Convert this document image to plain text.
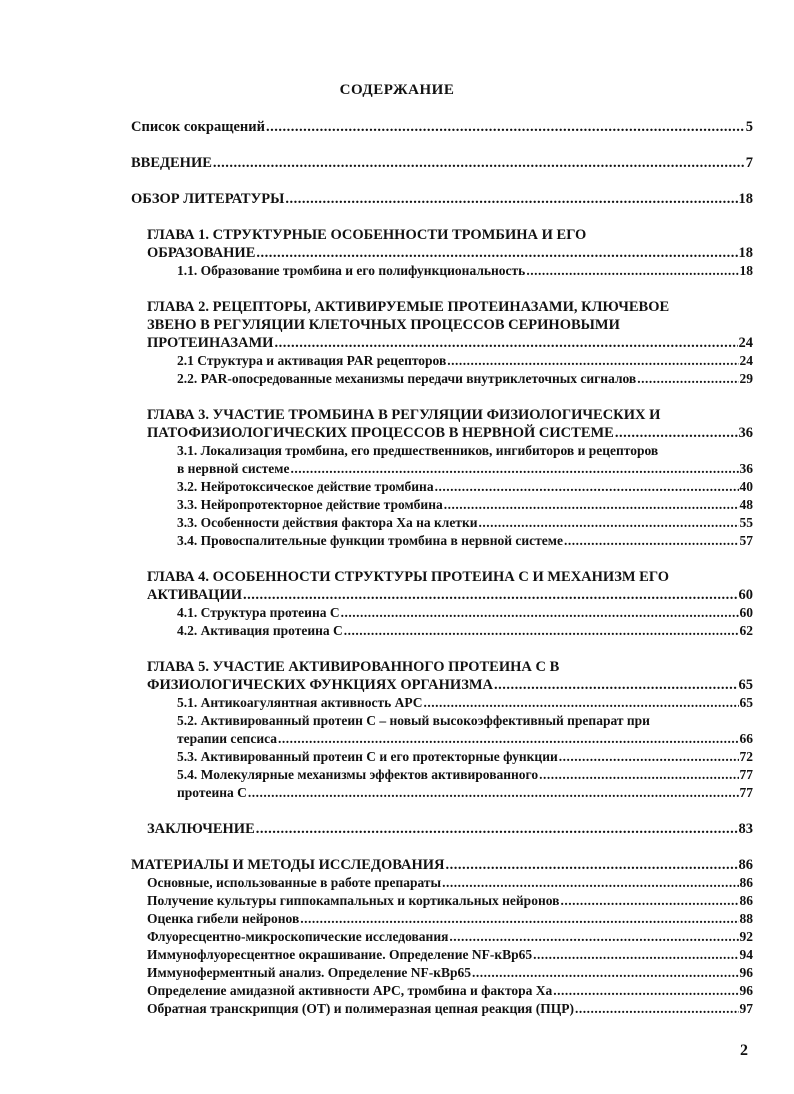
СОДЕРЖАНИЕ
Список сокращений .....	5
ВВЕДЕНИЕ .....	7
ОБЗОР ЛИТЕРАТУРЫ .....	18
ГЛАВА 1. СТРУКТУРНЫЕ ОСОБЕННОСТИ ТРОМБИНА И ЕГО
ОБРАЗОВАНИЕ .....	18
1.1. Образование тромбина и его полифункциональность .....	18
ГЛАВА 2. РЕЦЕПТОРЫ, АКТИВИРУЕМЫЕ ПРОТЕИНАЗАМИ, КЛЮЧЕВОЕ
ЗВЕНО В РЕГУЛЯЦИИ КЛЕТОЧНЫХ ПРОЦЕССОВ СЕРИНОВЫМИ
ПРОТЕИНАЗАМИ .....	24
2.1 Структура и активация PAR рецепторов .....	24
2.2. PAR-опосредованные механизмы передачи внутриклеточных сигналов .....	29
ГЛАВА 3. УЧАСТИЕ ТРОМБИНА В РЕГУЛЯЦИИ ФИЗИОЛОГИЧЕСКИХ И
ПАТОФИЗИОЛОГИЧЕСКИХ ПРОЦЕССОВ В НЕРВНОЙ СИСТЕМЕ .....	36
3.1. Локализация тромбина, его предшественников, ингибиторов и рецепторов
в нервной системе .....	36
3.2. Нейротоксическое действие тромбина .....	40
3.3. Нейропротекторное действие тромбина .....	48
3.3. Особенности действия фактора Ха на клетки .....	55
3.4. Провоспалительные функции тромбина в нервной системе .....	57
ГЛАВА 4. ОСОБЕННОСТИ СТРУКТУРЫ ПРОТЕИНА С И МЕХАНИЗМ ЕГО
АКТИВАЦИИ .....	60
4.1. Структура протеина С .....	60
4.2. Активация протеина С .....	62
ГЛАВА 5. УЧАСТИЕ АКТИВИРОВАННОГО ПРОТЕИНА С В
ФИЗИОЛОГИЧЕСКИХ ФУНКЦИЯХ ОРГАНИЗМА .....	65
5.1. Антикоагулянтная активность АРС .....	65
5.2. Активированный протеин С – новый высокоэффективный препарат при
терапии сепсиса .....	66
5.3. Активированный протеин С и его протекторные функции .....	72
5.4. Молекулярные механизмы эффектов активированного .....	77
протеина С .....	77
ЗАКЛЮЧЕНИЕ .....	83
МАТЕРИАЛЫ И МЕТОДЫ ИССЛЕДОВАНИЯ .....	86
Основные, использованные в работе препараты .....	86
Получение культуры гиппокампальных и кортикальных нейронов .....	86
Оценка гибели нейронов .....	88
Флуоресцентно-микроскопические исследования .....	92
Иммунофлуоресцентное окрашивание. Определение NF-кВр65 .....	94
Иммуноферментный анализ. Определение NF-кВр65 .....	96
Определение амидазной активности АРС, тромбина и фактора Ха .....	96
Обратная транскрипция (ОТ) и полимеразная цепная реакция (ПЦР) .....	97
2
